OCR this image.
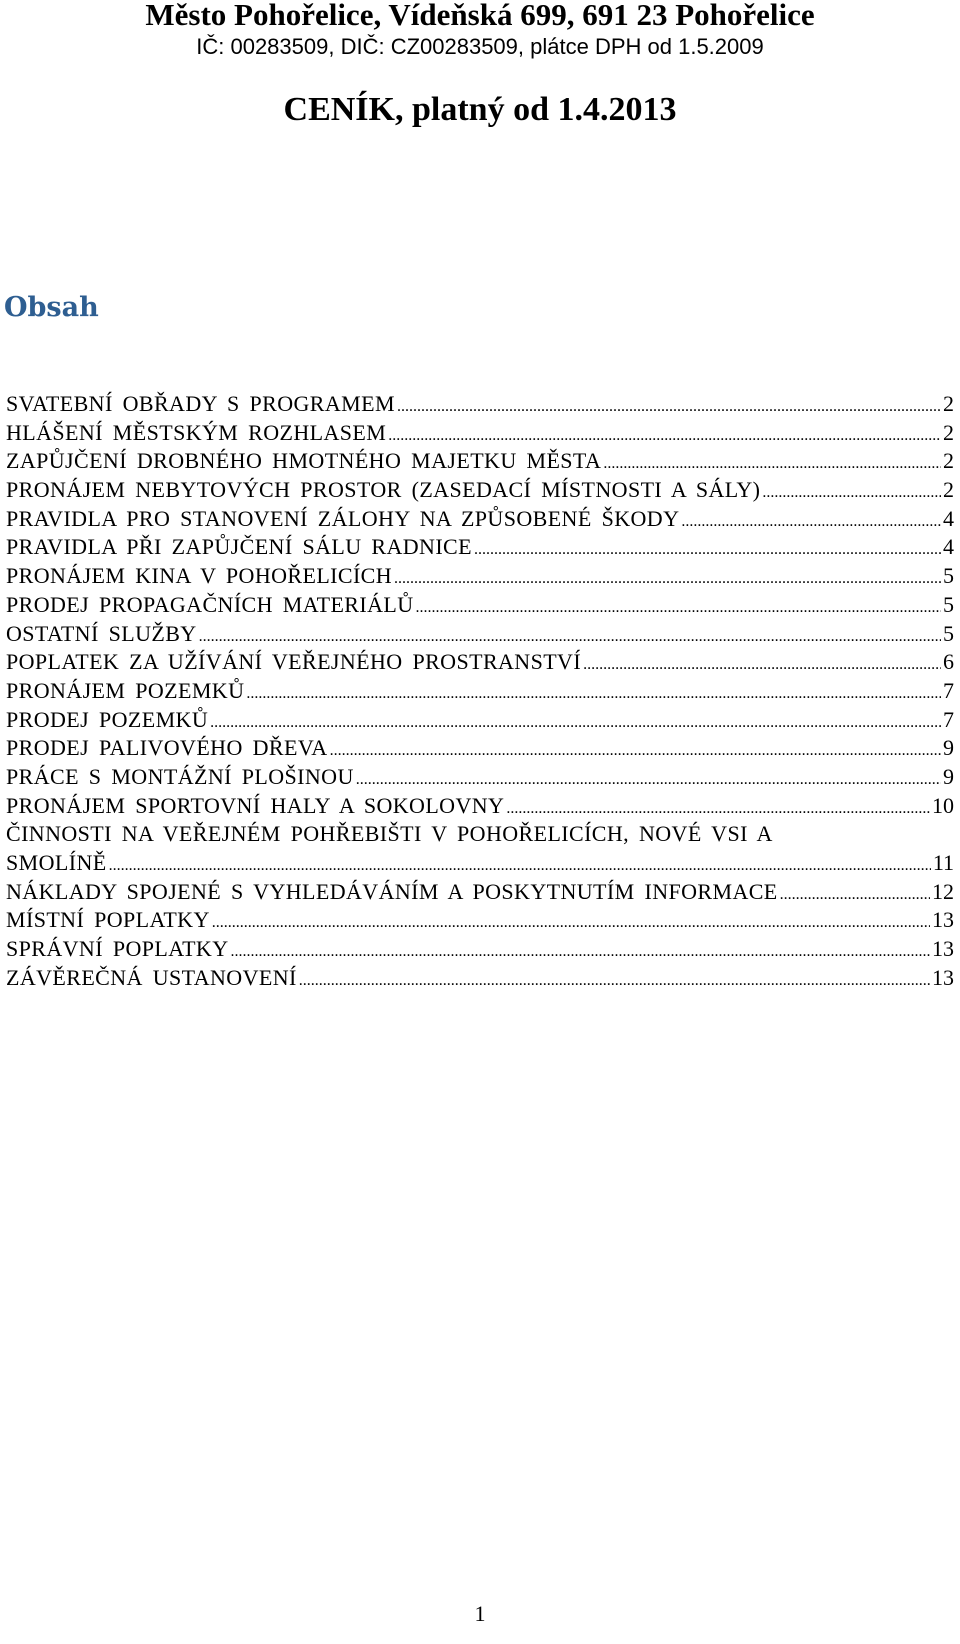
Město Pohořelice, Vídeňská 699, 691 23 Pohořelice
IČ: 00283509, DIČ: CZ00283509, plátce DPH od 1.5.2009
CENÍK, platný od 1.4.2013
Obsah
SVATEBNÍ OBŘADY S PROGRAMEM .....	2
HLÁŠENÍ MĚSTSKÝM ROZHLASEM .....	2
ZAPŮJČENÍ DROBNÉHO HMOTNÉHO MAJETKU MĚSTA .....	2
PRONÁJEM NEBYTOVÝCH PROSTOR (ZASEDACÍ MÍSTNOSTI A SÁLY) .....	2
PRAVIDLA PRO STANOVENÍ ZÁLOHY NA ZPŮSOBENÉ ŠKODY .....	4
PRAVIDLA PŘI ZAPŮJČENÍ SÁLU RADNICE .....	4
PRONÁJEM KINA V POHOŘELICÍCH .....	5
PRODEJ PROPAGAČNÍCH MATERIÁLŮ .....	5
OSTATNÍ SLUŽBY .....	5
POPLATEK ZA UŽÍVÁNÍ VEŘEJNÉHO PROSTRANSTVÍ .....	6
PRONÁJEM POZEMKŮ .....	7
PRODEJ POZEMKŮ .....	7
PRODEJ PALIVOVÉHO DŘEVA .....	9
PRÁCE S MONTÁŽNÍ PLOŠINOU .....	9
PRONÁJEM SPORTOVNÍ HALY A SOKOLOVNY .....	10
ČINNOSTI NA VEŘEJNÉM POHŘEBIŠTI V POHOŘELICÍCH, NOVÉ VSI A
SMOLÍNĚ .....	11
NÁKLADY SPOJENÉ S VYHLEDÁVÁNÍM A POSKYTNUTÍM INFORMACE .....	12
MÍSTNÍ POPLATKY .....	13
SPRÁVNÍ POPLATKY .....	13
ZÁVĚREČNÁ USTANOVENÍ .....	13
1
